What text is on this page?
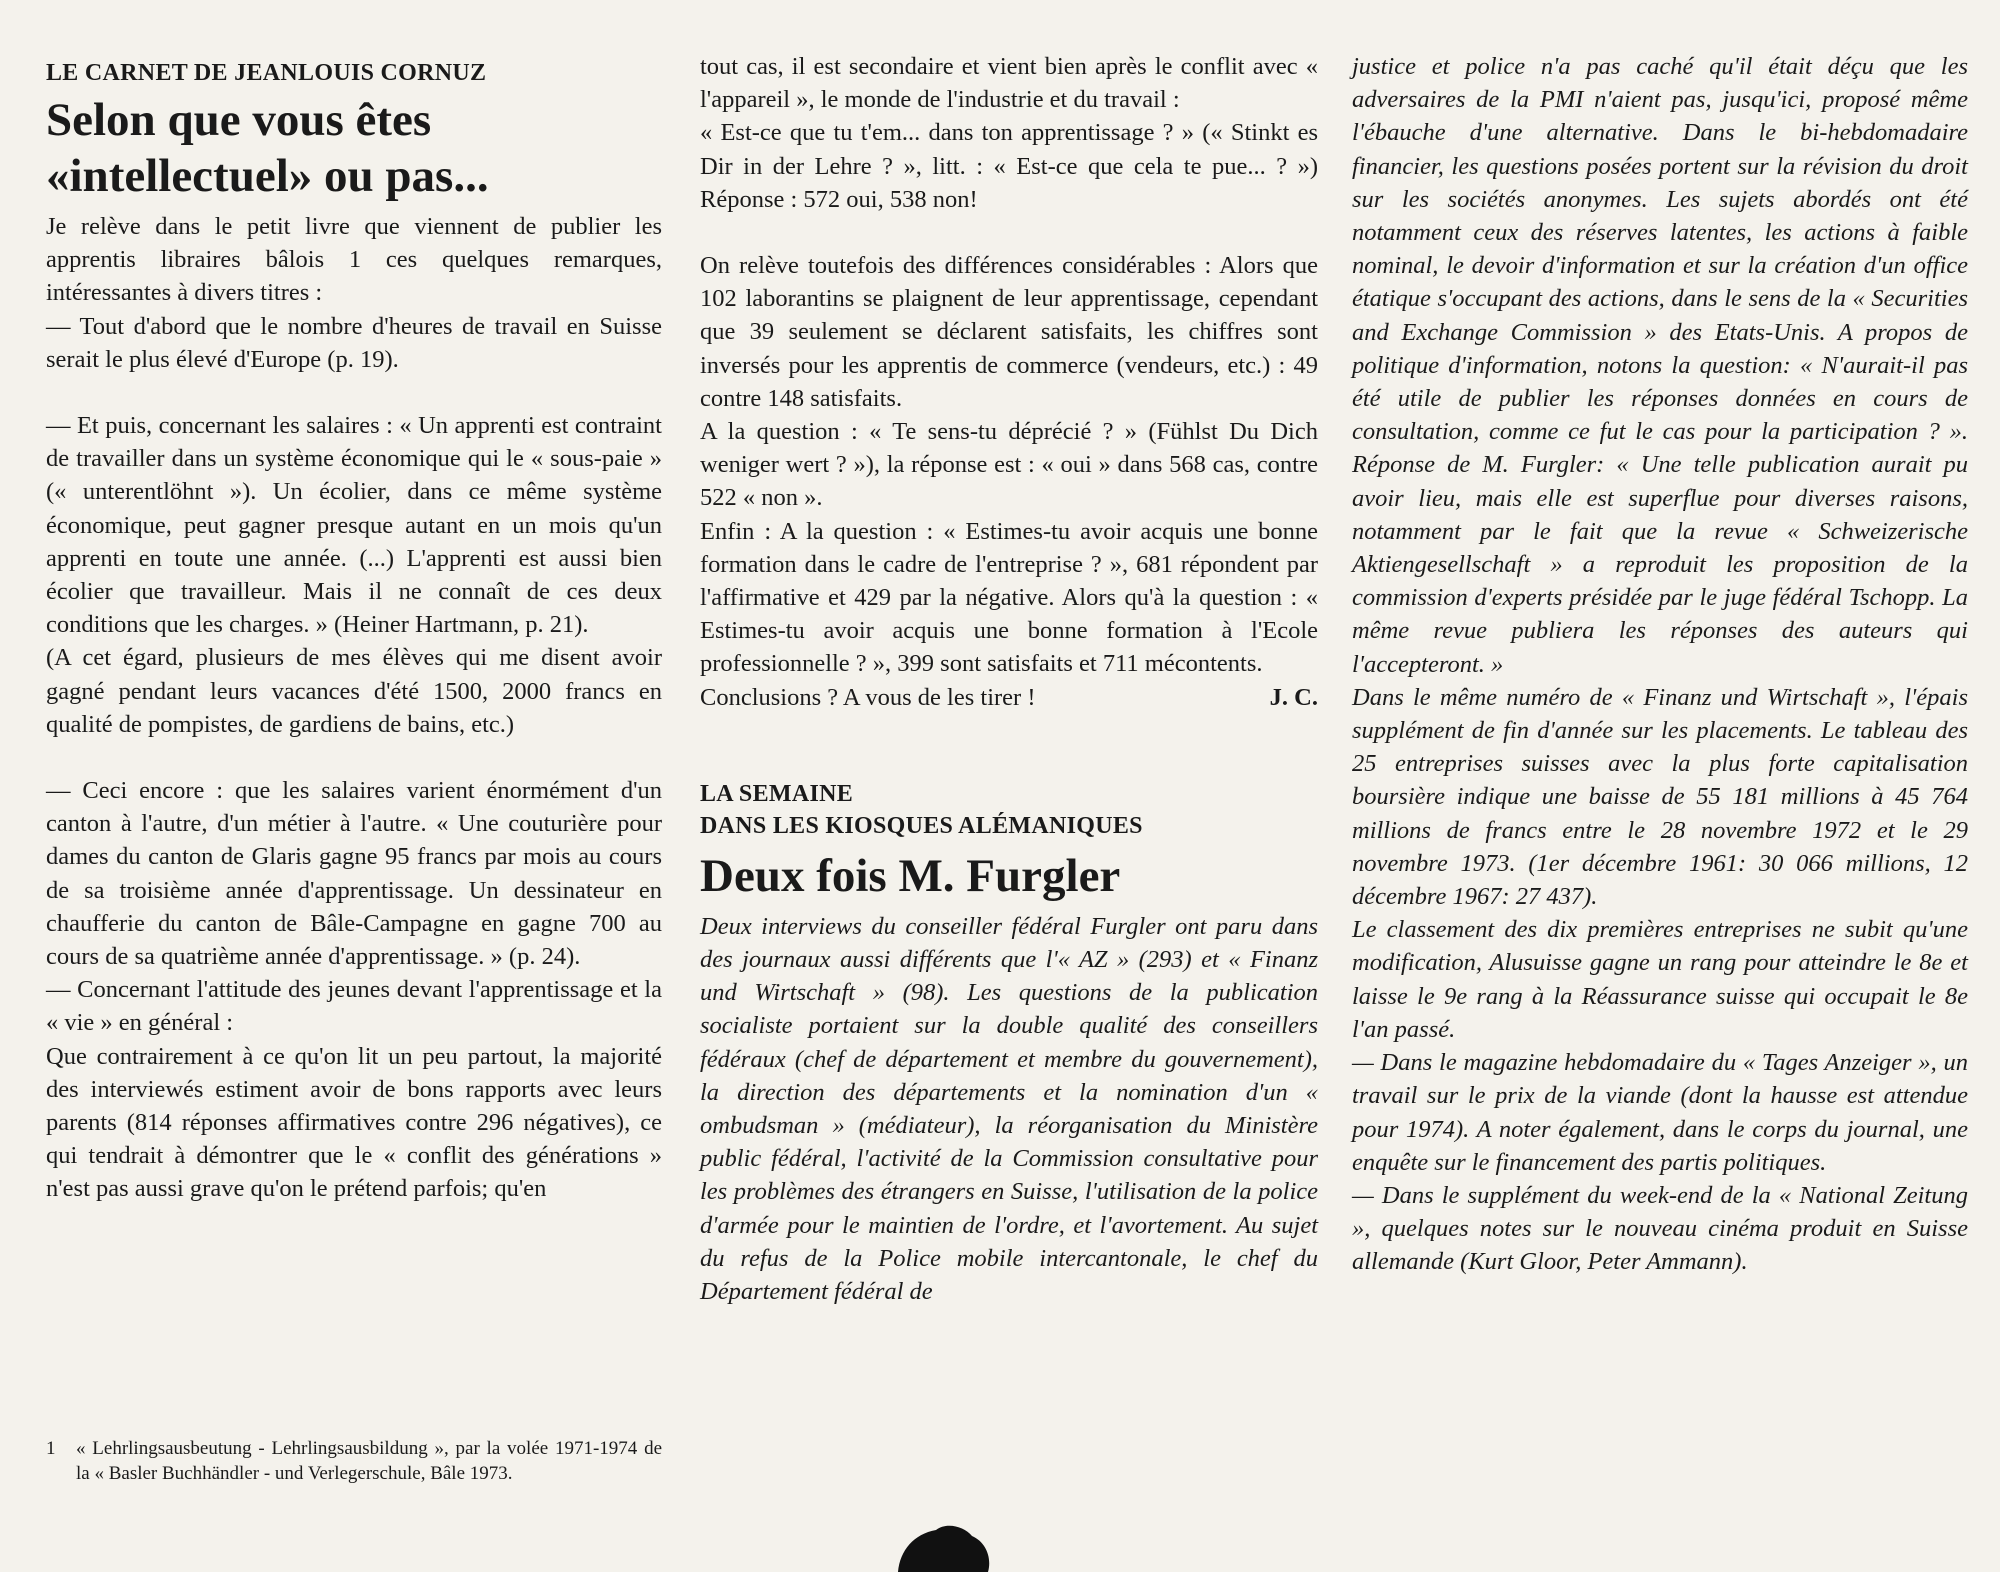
LE CARNET DE JEANLOUIS CORNUZ
Selon que vous êtes
«intellectuel» ou pas...

Je relève dans le petit livre que viennent de publier les apprentis libraires bâlois 1 ces quelques remarques, intéressantes à divers titres :

— Tout d'abord que le nombre d'heures de travail en Suisse serait le plus élevé d'Europe (p. 19).

— Et puis, concernant les salaires : « Un apprenti est contraint de travailler dans un système économique qui le « sous-paie » (« unterentlöhnt »). Un écolier, dans ce même système économique, peut gagner presque autant en un mois qu'un apprenti en toute une année. (...) L'apprenti est aussi bien écolier que travailleur. Mais il ne connaît de ces deux conditions que les charges. » (Heiner Hartmann, p. 21).

(A cet égard, plusieurs de mes élèves qui me disent avoir gagné pendant leurs vacances d'été 1500, 2000 francs en qualité de pompistes, de gardiens de bains, etc.)

— Ceci encore : que les salaires varient énormément d'un canton à l'autre, d'un métier à l'autre. « Une couturière pour dames du canton de Glaris gagne 95 francs par mois au cours de sa troisième année d'apprentissage. Un dessinateur en chaufferie du canton de Bâle-Campagne en gagne 700 au cours de sa quatrième année d'apprentissage. » (p. 24).

— Concernant l'attitude des jeunes devant l'apprentissage et la « vie » en général :

Que contrairement à ce qu'on lit un peu partout, la majorité des interviewés estiment avoir de bons rapports avec leurs parents (814 réponses affirmatives contre 296 négatives), ce qui tendrait à démontrer que le « conflit des générations » n'est pas aussi grave qu'on le prétend parfois; qu'en

1	« Lehrlingsausbeutung - Lehrlingsausbildung », par la volée 1971-1974 de la « Basler Buchhändler - und Verlegerschule, Bâle 1973.

tout cas, il est secondaire et vient bien après le conflit avec « l'appareil », le monde de l'industrie et du travail :

« Est-ce que tu t'em... dans ton apprentissage ? » (« Stinkt es Dir in der Lehre ? », litt. : « Est-ce que cela te pue... ? ») Réponse : 572 oui, 538 non!

On relève toutefois des différences considérables : Alors que 102 laborantins se plaignent de leur apprentissage, cependant que 39 seulement se déclarent satisfaits, les chiffres sont inversés pour les apprentis de commerce (vendeurs, etc.) : 49 contre 148 satisfaits.

A la question : « Te sens-tu déprécié ? » (Fühlst Du Dich weniger wert ? »), la réponse est : « oui » dans 568 cas, contre 522 « non ».

Enfin : A la question : « Estimes-tu avoir acquis une bonne formation dans le cadre de l'entreprise ? », 681 répondent par l'affirmative et 429 par la négative. Alors qu'à la question : « Estimes-tu avoir acquis une bonne formation à l'Ecole professionnelle ? », 399 sont satisfaits et 711 mécontents.

Conclusions ? A vous de les tirer !	J. C.
LA SEMAINE
DANS LES KIOSQUES ALÉMANIQUES
Deux fois M. Furgler

Deux interviews du conseiller fédéral Furgler ont paru dans des journaux aussi différents que l'« AZ » (293) et « Finanz und Wirtschaft » (98). Les questions de la publication socialiste portaient sur la double qualité des conseillers fédéraux (chef de département et membre du gouvernement), la direction des départements et la nomination d'un « ombudsman » (médiateur), la réorganisation du Ministère public fédéral, l'activité de la Commission consultative pour les problèmes des étrangers en Suisse, l'utilisation de la police d'armée pour le maintien de l'ordre, et l'avortement. Au sujet du refus de la Police mobile intercantonale, le chef du Département fédéral de

justice et police n'a pas caché qu'il était déçu que les adversaires de la PMI n'aient pas, jusqu'ici, proposé même l'ébauche d'une alternative. Dans le bi-hebdomadaire financier, les questions posées portent sur la révision du droit sur les sociétés anonymes. Les sujets abordés ont été notamment ceux des réserves latentes, les actions à faible nominal, le devoir d'information et sur la création d'un office étatique s'occupant des actions, dans le sens de la « Securities and Exchange Commission » des Etats-Unis. A propos de politique d'information, notons la question: « N'aurait-il pas été utile de publier les réponses données en cours de consultation, comme ce fut le cas pour la participation ? ». Réponse de M. Furgler: « Une telle publication aurait pu avoir lieu, mais elle est superflue pour diverses raisons, notamment par le fait que la revue « Schweizerische Aktiengesellschaft » a reproduit les proposition de la commission d'experts présidée par le juge fédéral Tschopp. La même revue publiera les réponses des auteurs qui l'accepteront. »

Dans le même numéro de « Finanz und Wirtschaft », l'épais supplément de fin d'année sur les placements. Le tableau des 25 entreprises suisses avec la plus forte capitalisation boursière indique une baisse de 55 181 millions à 45 764 millions de francs entre le 28 novembre 1972 et le 29 novembre 1973. (1er décembre 1961: 30 066 millions, 12 décembre 1967: 27 437).

Le classement des dix premières entreprises ne subit qu'une modification, Alusuisse gagne un rang pour atteindre le 8e et laisse le 9e rang à la Réassurance suisse qui occupait le 8e l'an passé.

— Dans le magazine hebdomadaire du « Tages Anzeiger », un travail sur le prix de la viande (dont la hausse est attendue pour 1974). A noter également, dans le corps du journal, une enquête sur le financement des partis politiques.

— Dans le supplément du week-end de la « National Zeitung », quelques notes sur le nouveau cinéma produit en Suisse allemande (Kurt Gloor, Peter Ammann).
